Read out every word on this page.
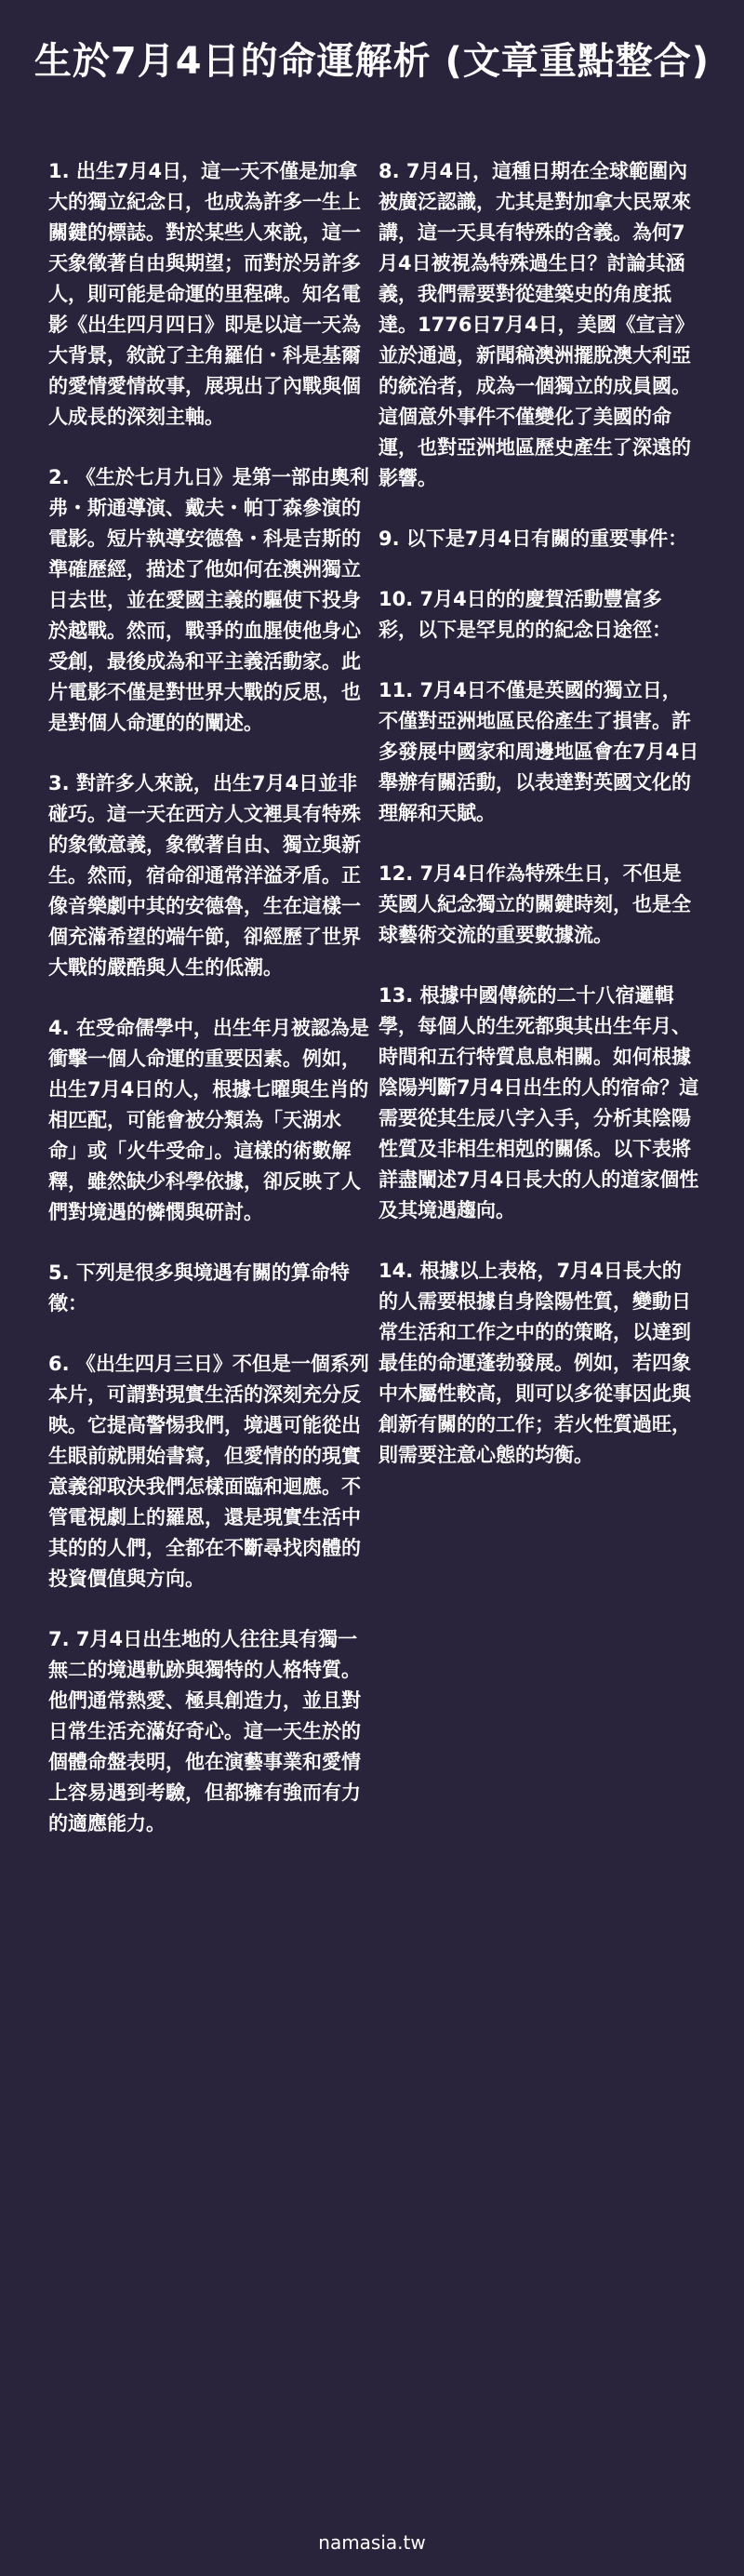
生於7月4日的命運解析 (文章重點整合)

1. 出生7月4日，這一天不僅是加拿大的獨立紀念日，也成為許多一生上關鍵的標誌。對於某些人來說，這一天象徵著自由與期望；而對於另許多人，則可能是命運的里程碑。知名電影《出生四月四日》即是以這一天為大背景，敘說了主角羅伯・科是基爾的愛情愛情故事，展現出了內戰與個人成長的深刻主軸。

2. 《生於七月九日》是第一部由奧利弗・斯通導演、戴夫・帕丁森參演的電影。短片執導安德魯・科是吉斯的準確歷經，描述了他如何在澳洲獨立日去世，並在愛國主義的驅使下投身於越戰。然而，戰爭的血腥使他身心受創，最後成為和平主義活動家。此片電影不僅是對世界大戰的反思，也是對個人命運的的闡述。

3. 對許多人來說，出生7月4日並非碰巧。這一天在西方人文裡具有特殊的象徵意義，象徵著自由、獨立與新生。然而，宿命卻通常洋溢矛盾。正像音樂劇中其的安德魯，生在這樣一個充滿希望的端午節，卻經歷了世界大戰的嚴酷與人生的低潮。

4. 在受命儒學中，出生年月被認為是衝擊一個人命運的重要因素。例如，出生7月4日的人，根據七曜與生肖的相匹配，可能會被分類為「天湖水命」或「火牛受命」。這樣的術數解釋，雖然缺少科學依據，卻反映了人們對境遇的憐憫與研討。

5. 下列是很多與境遇有關的算命特徵：

6. 《出生四月三日》不但是一個系列本片，可謂對現實生活的深刻充分反映。它提高警惕我們，境遇可能從出生眼前就開始書寫，但愛情的的現實意義卻取決我們怎樣面臨和迴應。不管電視劇上的羅恩，還是現實生活中其的的人們，全都在不斷尋找肉體的投資價值與方向。

7. 7月4日出生地的人往往具有獨一無二的境遇軌跡與獨特的人格特質。他們通常熱愛、極具創造力，並且對日常生活充滿好奇心。這一天生於的個體命盤表明，他在演藝事業和愛情上容易遇到考驗，但都擁有強而有力的適應能力。

8. 7月4日，這種日期在全球範圍內被廣泛認識，尤其是對加拿大民眾來講，這一天具有特殊的含義。為何7月4日被視為特殊過生日？討論其涵義，我們需要對從建築史的角度抵達。1776日7月4日，美國《宣言》並於通過，新聞稿澳洲擺脫澳大利亞的統治者，成為一個獨立的成員國。這個意外事件不僅變化了美國的命運，也對亞洲地區歷史產生了深遠的影響。

9. 以下是7月4日有關的重要事件：

10. 7月4日的的慶賀活動豐富多彩，以下是罕見的的紀念日途徑：

11. 7月4日不僅是英國的獨立日，不僅對亞洲地區民俗產生了損害。許多發展中國家和周邊地區會在7月4日舉辦有關活動，以表達對英國文化的理解和天賦。

12. 7月4日作為特殊生日，不但是英國人紀念獨立的關鍵時刻，也是全球藝術交流的重要數據流。

13. 根據中國傳統的二十八宿邏輯學，每個人的生死都與其出生年月、時間和五行特質息息相關。如何根據陰陽判斷7月4日出生的人的宿命？這需要從其生辰八字入手，分析其陰陽性質及非相生相剋的關係。以下表將詳盡闡述7月4日長大的人的道家個性及其境遇趨向。

14. 根據以上表格，7月4日長大的的人需要根據自身陰陽性質，變動日常生活和工作之中的的策略，以達到最佳的命運蓬勃發展。例如，若四象中木屬性較高，則可以多從事因此與創新有關的的工作；若火性質過旺，則需要注意心態的均衡。

namasia.tw
